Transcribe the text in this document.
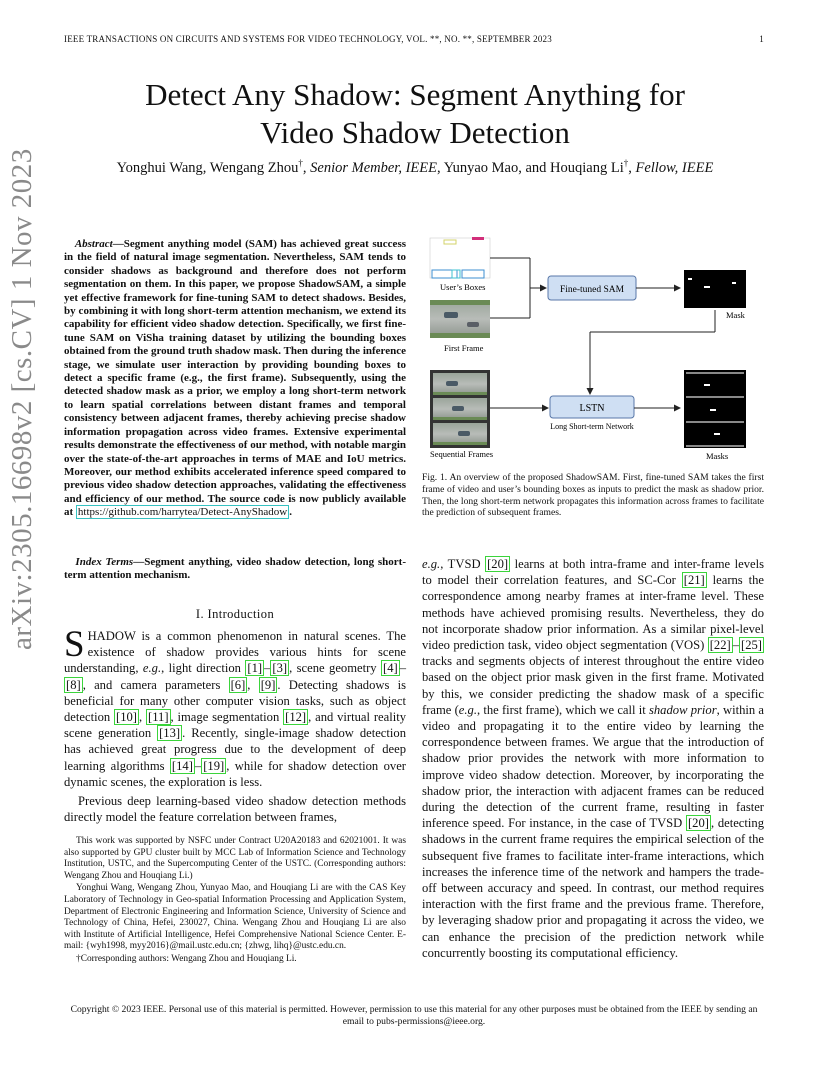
IEEE TRANSACTIONS ON CIRCUITS AND SYSTEMS FOR VIDEO TECHNOLOGY, VOL. **, NO. **, SEPTEMBER 2023	1
Detect Any Shadow: Segment Anything for
Video Shadow Detection
Yonghui Wang, Wengang Zhou†, Senior Member, IEEE, Yunyao Mao, and Houqiang Li†, Fellow, IEEE
arXiv:2305.16698v2 [cs.CV] 1 Nov 2023	Abstract—Segment anything model (SAM) has achieved great success in the field of natural image segmentation. Nevertheless, SAM tends to consider shadows as background and therefore does not perform segmentation on them. In this paper, we propose ShadowSAM, a simple yet effective framework for fine-tuning SAM to detect shadows. Besides, by combining it with long short-term attention mechanism, we extend its capability for efficient video shadow detection. Specifically, we first fine-tune SAM on ViSha training dataset by utilizing the bounding boxes obtained from the ground truth shadow mask. Then during the inference stage, we simulate user interaction by providing bounding boxes to detect a specific frame (e.g., the first frame). Subsequently, using the detected shadow mask as a prior, we employ a long short-term network to learn spatial correlations between distant frames and temporal consistency between adjacent frames, thereby achieving precise shadow information propagation across video frames. Extensive experimental results demonstrate the effectiveness of our method, with notable margin over the state-of-the-art approaches in terms of MAE and IoU metrics. Moreover, our method exhibits accelerated inference speed compared to previous video shadow detection approaches, validating the effectiveness and efficiency of our method. The source code is now publicly available at https://github.com/harrytea/Detect-AnyShadow .
Index Terms—Segment anything, video shadow detection, long short-term attention mechanism.
I. Introduction

SHADOW is a common phenomenon in natural scenes. The existence of shadow provides various hints for scene understanding, e.g., light direction [1] – [3] , scene geometry [4] –[8] , and camera parameters [6] , [9] . Detecting shadows is beneficial for many other computer vision tasks, such as object detection [10] , [11] , image segmentation [12] , and virtual reality scene generation [13] . Recently, single-image shadow detection has achieved great progress due to the development of deep learning algorithms [14] – [19] , while for shadow detection over dynamic scenes, the exploration is less.

Previous deep learning-based video shadow detection methods directly model the feature correlation between frames,

This work was supported by NSFC under Contract U20A20183 and 62021001. It was also supported by GPU cluster built by MCC Lab of Information Science and Technology Institution, USTC, and the Supercomputing Center of the USTC. (Corresponding authors: Wengang Zhou and Houqiang Li.)

Yonghui Wang, Wengang Zhou, Yunyao Mao, and Houqiang Li are with the CAS Key Laboratory of Technology in Geo-spatial Information Processing and Application System, Department of Electronic Engineering and Information Science, University of Science and Technology of China, Hefei, 230027, China. Wengang Zhou and Houqiang Li are also with Institute of Artificial Intelligence, Hefei Comprehensive National Science Center. E-mail: {wyh1998, myy2016}@mail.ustc.edu.cn; {zhwg, lihq}@ustc.edu.cn.

†Corresponding authors: Wengang Zhou and Houqiang Li.

User’s Boxes
First Frame
Fine-tuned SAM
Mask
Sequential Frames
LSTN
Long Short-term Network
Masks
Fig. 1. An overview of the proposed ShadowSAM. First, fine-tuned SAM takes the first frame of video and user’s bounding boxes as inputs to predict the mask as shadow prior. Then, the long short-term network propagates this information across frames to facilitate the prediction of subsequent frames.
e.g., TVSD [20] learns at both intra-frame and inter-frame levels to model their correlation features, and SC-Cor [21] learns the correspondence among nearby frames at inter-frame level. These methods have achieved promising results. Nevertheless, they do not incorporate shadow prior information. As a similar pixel-level video prediction task, video object segmentation (VOS) [22] – [25] tracks and segments objects of interest throughout the entire video based on the object prior mask given in the first frame. Motivated by this, we consider predicting the shadow mask of a specific frame (e.g., the first frame), which we call it shadow prior, within a video and propagating it to the entire video by learning the correspondence between frames. We argue that the introduction of shadow prior provides the network with more information to improve video shadow detection. Moreover, by incorporating the shadow prior, the interaction with adjacent frames can be reduced during the detection of the current frame, resulting in faster inference speed. For instance, in the case of TVSD [20] , detecting shadows in the current frame requires the empirical selection of the subsequent five frames to facilitate inter-frame interactions, which increases the inference time of the network and hampers the trade-off between accuracy and speed. In contrast, our method requires interaction with the first frame and the previous frame. Therefore, by leveraging shadow prior and propagating it across the video, we can enhance the precision of the prediction network while concurrently boosting its computational efficiency.
Copyright © 2023 IEEE. Personal use of this material is permitted. However, permission to use this material for any other purposes must be obtained from the IEEE by sending an email to pubs-permissions@ieee.org.
